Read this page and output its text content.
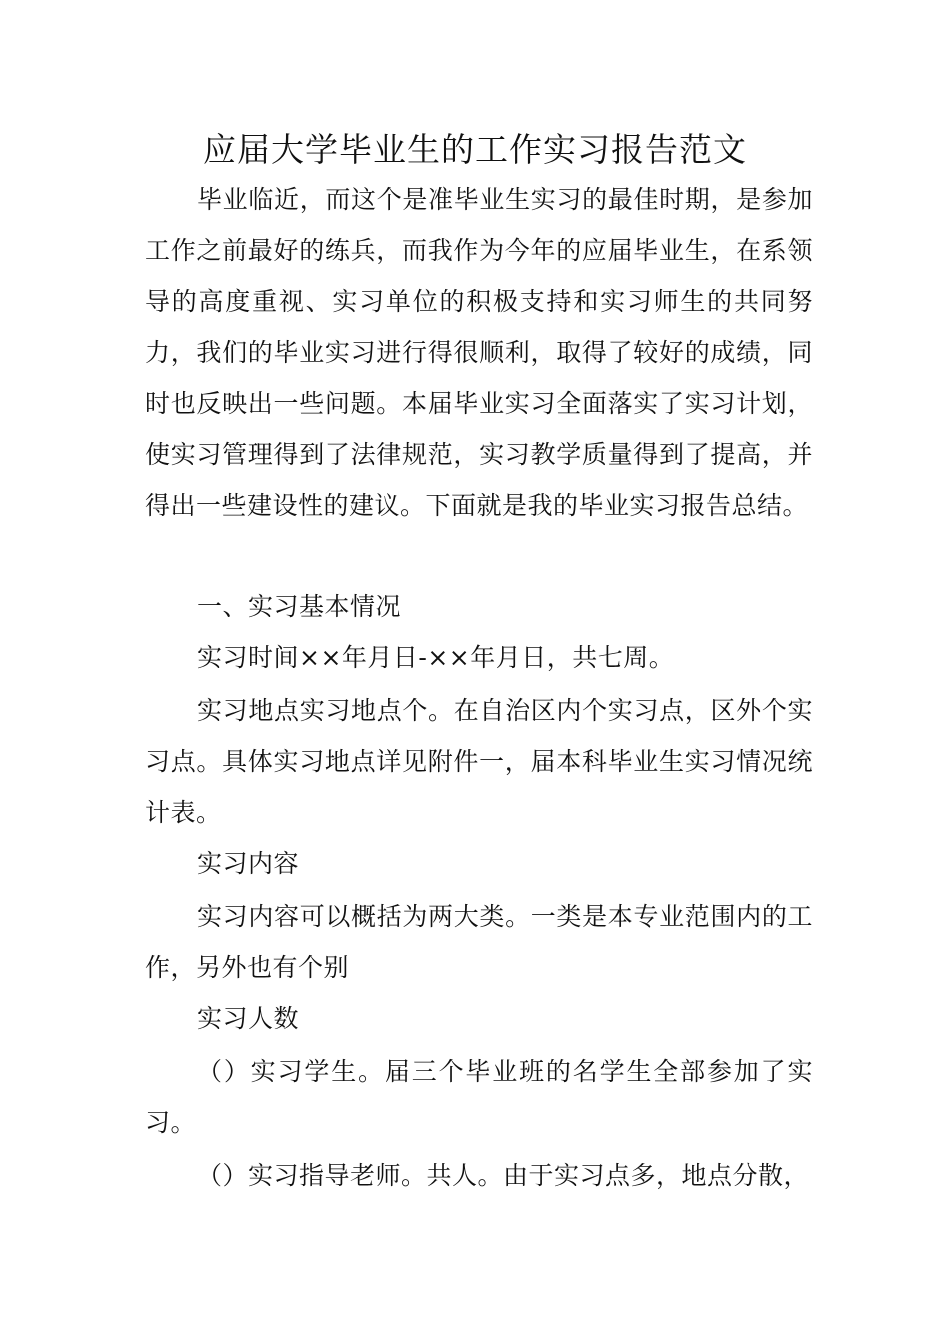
应届大学毕业生的工作实习报告范文

毕业临近，而这个是准毕业生实习的最佳时期，是参加工作之前最好的练兵，而我作为今年的应届毕业生，在系领导的高度重视、实习单位的积极支持和实习师生的共同努力，我们的毕业实习进行得很顺利，取得了较好的成绩，同时也反映出一些问题。本届毕业实习全面落实了实习计划，使实习管理得到了法律规范，实习教学质量得到了提高，并得出一些建设性的建议。下面就是我的毕业实习报告总结。

一、实习基本情况

实习时间××年月日-××年月日，共七周。

实习地点实习地点个。在自治区内个实习点，区外个实习点。具体实习地点详见附件一，届本科毕业生实习情况统计表。

实习内容

实习内容可以概括为两大类。一类是本专业范围内的工作，另外也有个别

实习人数

（）实习学生。届三个毕业班的名学生全部参加了实习。

（）实习指导老师。共人。由于实习点多，地点分散，
